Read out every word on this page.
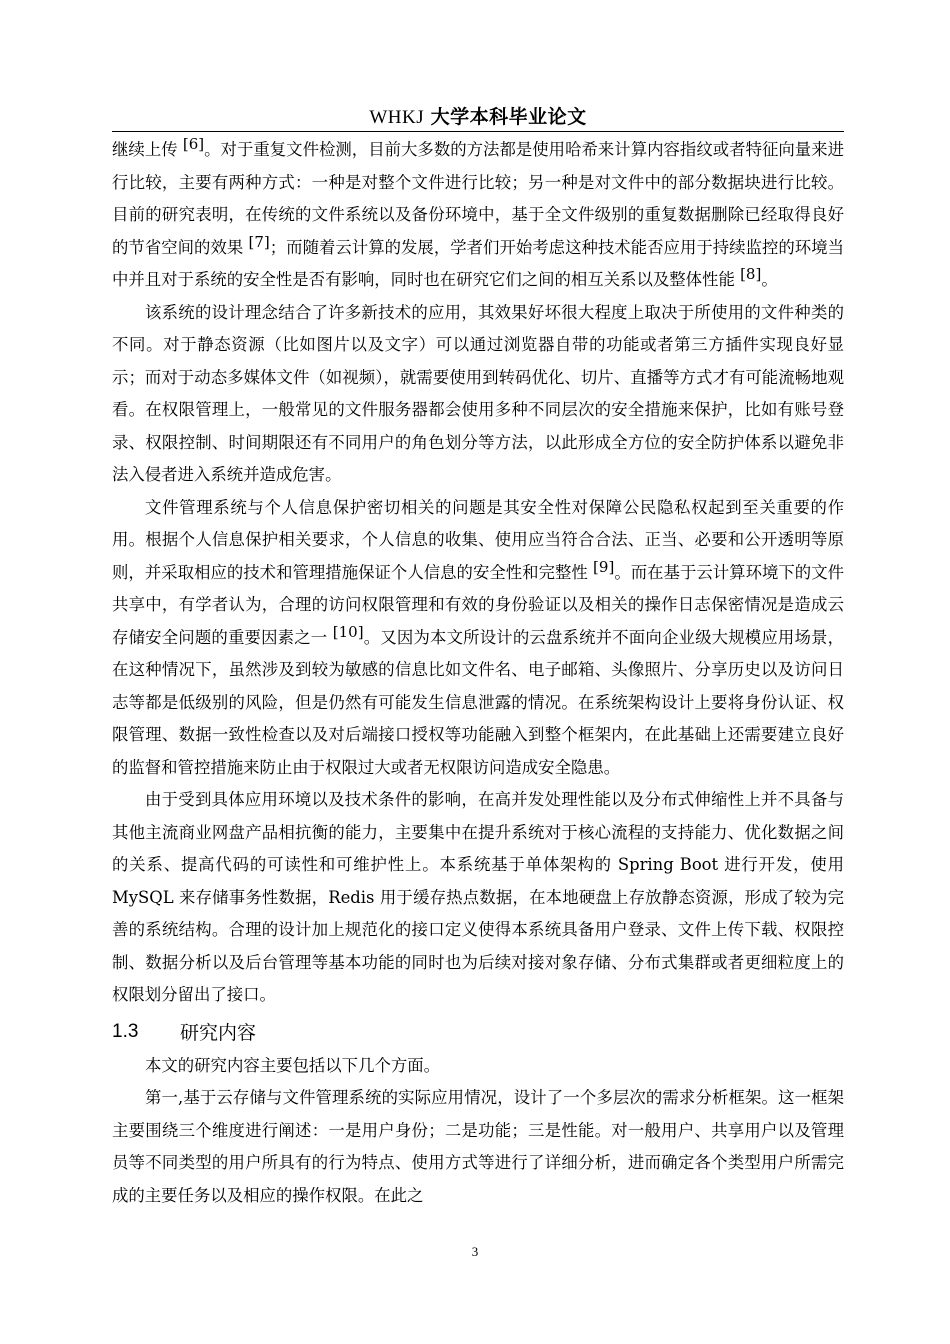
WHKJ 大学本科毕业论文

继续上传 [6]。对于重复文件检测，目前大多数的方法都是使用哈希来计算内容指纹或者特征向量来进行比较，主要有两种方式：一种是对整个文件进行比较；另一种是对文件中的部分数据块进行比较。目前的研究表明，在传统的文件系统以及备份环境中，基于全文件级别的重复数据删除已经取得良好的节省空间的效果 [7]；而随着云计算的发展，学者们开始考虑这种技术能否应用于持续监控的环境当中并且对于系统的安全性是否有影响，同时也在研究它们之间的相互关系以及整体性能 [8]。

该系统的设计理念结合了许多新技术的应用，其效果好坏很大程度上取决于所使用的文件种类的不同。对于静态资源（比如图片以及文字）可以通过浏览器自带的功能或者第三方插件实现良好显示；而对于动态多媒体文件（如视频），就需要使用到转码优化、切片、直播等方式才有可能流畅地观看。在权限管理上，一般常见的文件服务器都会使用多种不同层次的安全措施来保护，比如有账号登录、权限控制、时间期限还有不同用户的角色划分等方法，以此形成全方位的安全防护体系以避免非法入侵者进入系统并造成危害。

文件管理系统与个人信息保护密切相关的问题是其安全性对保障公民隐私权起到至关重要的作用。根据个人信息保护相关要求，个人信息的收集、使用应当符合合法、正当、必要和公开透明等原则，并采取相应的技术和管理措施保证个人信息的安全性和完整性 [9]。而在基于云计算环境下的文件共享中，有学者认为，合理的访问权限管理和有效的身份验证以及相关的操作日志保密情况是造成云存储安全问题的重要因素之一 [10]。又因为本文所设计的云盘系统并不面向企业级大规模应用场景，在这种情况下，虽然涉及到较为敏感的信息比如文件名、电子邮箱、头像照片、分享历史以及访问日志等都是低级别的风险，但是仍然有可能发生信息泄露的情况。在系统架构设计上要将身份认证、权限管理、数据一致性检查以及对后端接口授权等功能融入到整个框架内，在此基础上还需要建立良好的监督和管控措施来防止由于权限过大或者无权限访问造成安全隐患。

由于受到具体应用环境以及技术条件的影响，在高并发处理性能以及分布式伸缩性上并不具备与其他主流商业网盘产品相抗衡的能力，主要集中在提升系统对于核心流程的支持能力、优化数据之间的关系、提高代码的可读性和可维护性上。本系统基于单体架构的 Spring Boot 进行开发，使用 MySQL 来存储事务性数据，Redis 用于缓存热点数据，在本地硬盘上存放静态资源，形成了较为完善的系统结构。合理的设计加上规范化的接口定义使得本系统具备用户登录、文件上传下载、权限控制、数据分析以及后台管理等基本功能的同时也为后续对接对象存储、分布式集群或者更细粒度上的权限划分留出了接口。

1.3	研究内容

本文的研究内容主要包括以下几个方面。

第一,基于云存储与文件管理系统的实际应用情况，设计了一个多层次的需求分析框架。这一框架主要围绕三个维度进行阐述：一是用户身份；二是功能；三是性能。对一般用户、共享用户以及管理员等不同类型的用户所具有的行为特点、使用方式等进行了详细分析，进而确定各个类型用户所需完成的主要任务以及相应的操作权限。在此之

3
